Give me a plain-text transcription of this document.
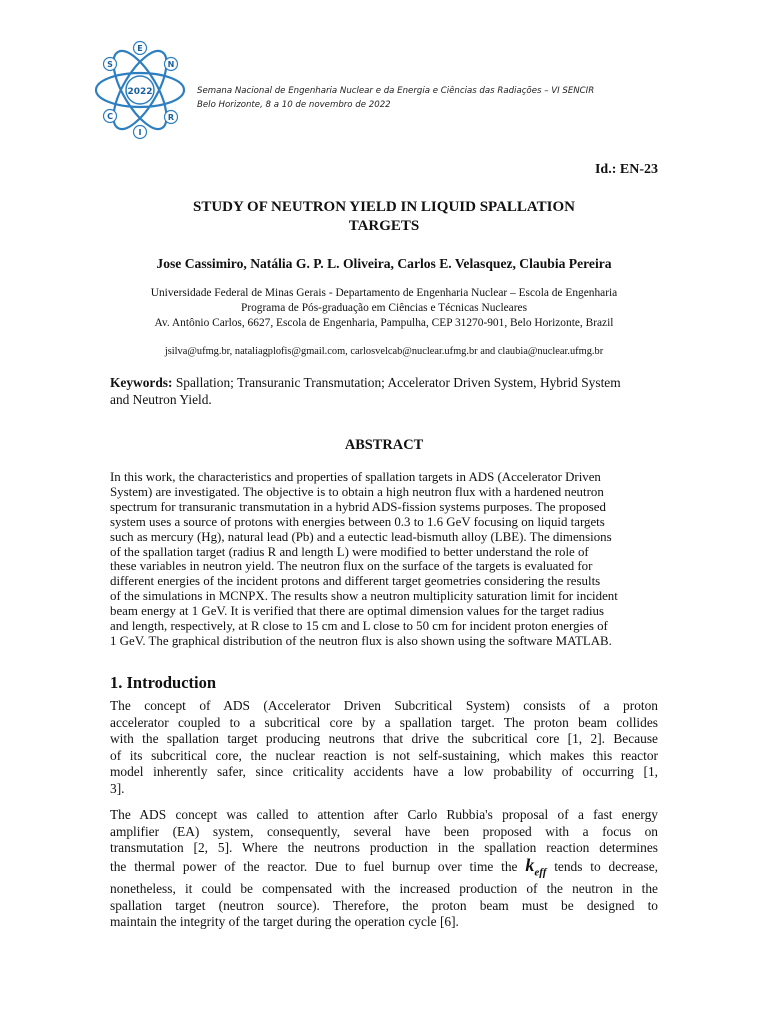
2022
E
N
R
I
C
S
Semana Nacional de Engenharia Nuclear e da Energia e Ciências das Radiações – VI SENCIR
Belo Horizonte, 8 a 10 de novembro de 2022
Id.: EN-23
STUDY OF NEUTRON YIELD IN LIQUID SPALLATION
TARGETS
Jose Cassimiro, Natália G. P. L. Oliveira, Carlos E. Velasquez, Claubia Pereira
Universidade Federal de Minas Gerais - Departamento de Engenharia Nuclear – Escola de Engenharia
Programa de Pós-graduação em Ciências e Técnicas Nucleares
Av. Antônio Carlos, 6627, Escola de Engenharia, Pampulha, CEP 31270-901, Belo Horizonte, Brazil
jsilva@ufmg.br, nataliagplofis@gmail.com, carlosvelcab@nuclear.ufmg.br and claubia@nuclear.ufmg.br
Keywords: Spallation; Transuranic Transmutation; Accelerator Driven System, Hybrid System
and Neutron Yield.
ABSTRACT
In this work, the characteristics and properties of spallation targets in ADS (Accelerator Driven
System) are investigated. The objective is to obtain a high neutron flux with a hardened neutron
spectrum for transuranic transmutation in a hybrid ADS-fission systems purposes. The proposed
system uses a source of protons with energies between 0.3 to 1.6 GeV focusing on liquid targets
such as mercury (Hg), natural lead (Pb) and a eutectic lead-bismuth alloy (LBE). The dimensions
of the spallation target (radius R and length L) were modified to better understand the role of
these variables in neutron yield. The neutron flux on the surface of the targets is evaluated for
different energies of the incident protons and different target geometries considering the results
of the simulations in MCNPX. The results show a neutron multiplicity saturation limit for incident
beam energy at 1 GeV. It is verified that there are optimal dimension values for the target radius
and length, respectively, at R close to 15 cm and L close to 50 cm for incident proton energies of
1 GeV. The graphical distribution of the neutron flux is also shown using the software MATLAB.
1. Introduction
The concept of ADS (Accelerator Driven Subcritical System) consists of a proton
accelerator coupled to a subcritical core by a spallation target. The proton beam collides
with the spallation target producing neutrons that drive the subcritical core [1, 2]. Because
of its subcritical core, the nuclear reaction is not self-sustaining, which makes this reactor
model inherently safer, since criticality accidents have a low probability of occurring [1,
3].
The ADS concept was called to attention after Carlo Rubbia's proposal of a fast energy
amplifier (EA) system, consequently, several have been proposed with a focus on
transmutation [2, 5]. Where the neutrons production in the spallation reaction determines
the thermal power of the reactor. Due to fuel burnup over time the $k_{eff}$ tends to decrease,
nonetheless, it could be compensated with the increased production of the neutron in the
spallation target (neutron source). Therefore, the proton beam must be designed to
maintain the integrity of the target during the operation cycle [6].
